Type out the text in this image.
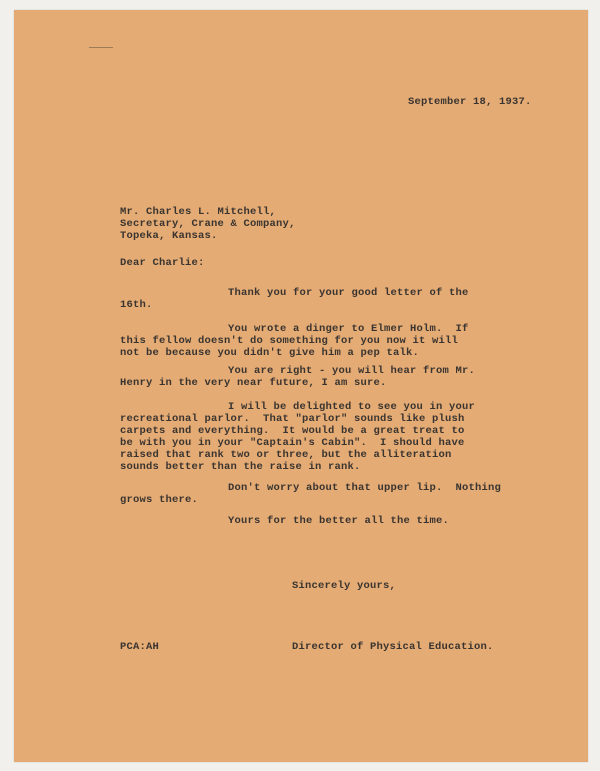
September 18, 1937.
Mr. Charles L. Mitchell,
Secretary, Crane & Company,
Topeka, Kansas.
Dear Charlie:
Thank you for your good letter of the
16th.
You wrote a dinger to Elmer Holm.  If
this fellow doesn't do something for you now it will
not be because you didn't give him a pep talk.
You are right - you will hear from Mr.
Henry in the very near future, I am sure.
I will be delighted to see you in your
recreational parlor.  That "parlor" sounds like plush
carpets and everything.  It would be a great treat to
be with you in your "Captain's Cabin".  I should have
raised that rank two or three, but the alliteration
sounds better than the raise in rank.
Don't worry about that upper lip.  Nothing
grows there.
Yours for the better all the time.
Sincerely yours,
PCA:AH	Director of Physical Education.
